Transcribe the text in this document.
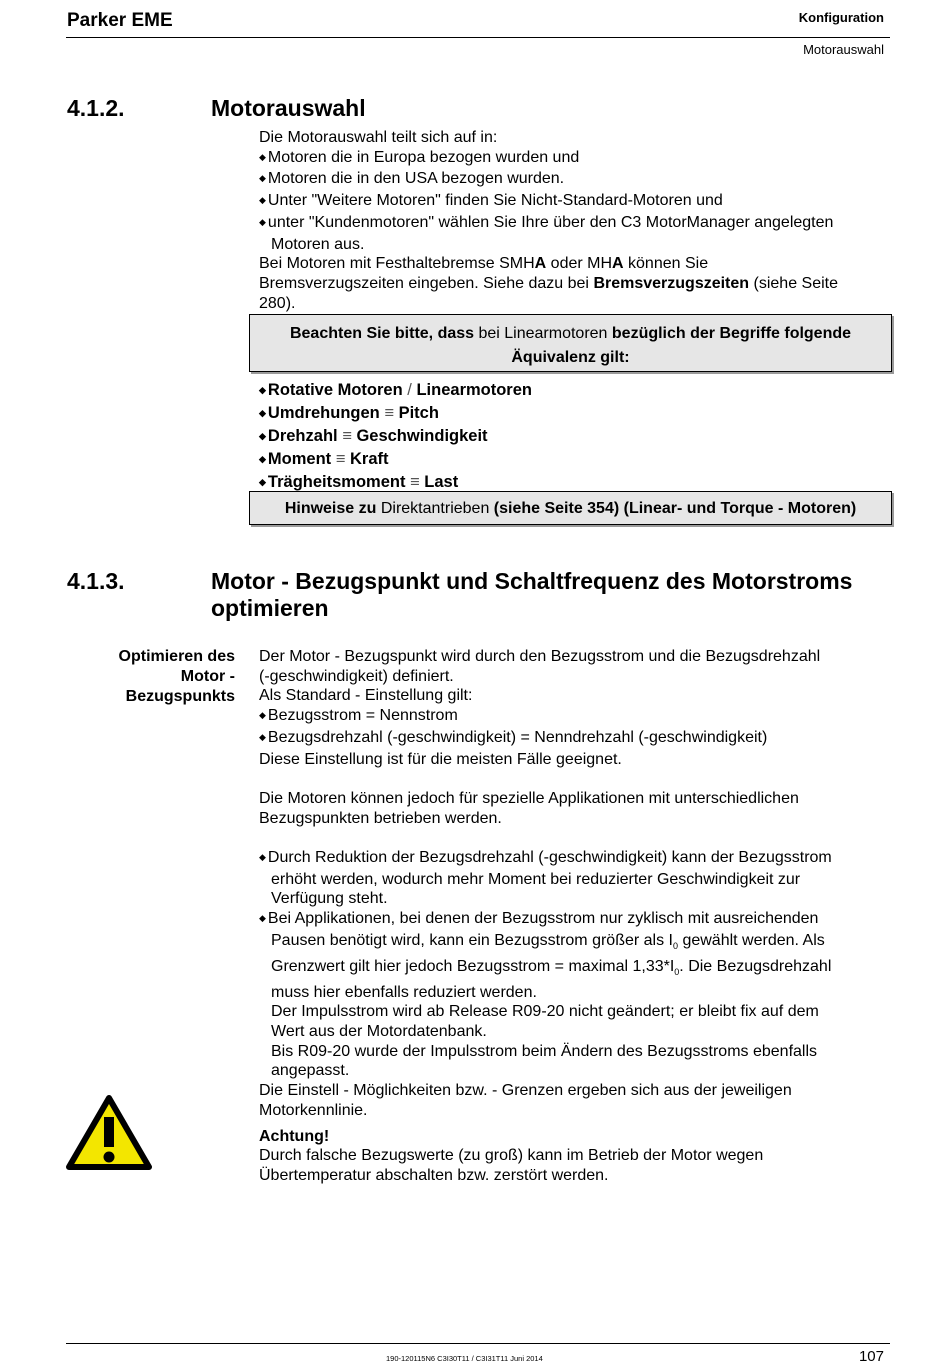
Parker EME	Konfiguration
Motorauswahl
4.1.2.	Motorauswahl
Die Motorauswahl teilt sich auf in:
◆ Motoren die in Europa bezogen wurden und
◆ Motoren die in den USA bezogen wurden.
◆ Unter "Weitere Motoren" finden Sie Nicht-Standard-Motoren und
◆ unter "Kundenmotoren" wählen Sie Ihre über den C3 MotorManager angelegten
Motoren aus.
Bei Motoren mit Festhaltebremse SMHA oder MHA können Sie
Bremsverzugszeiten eingeben. Siehe dazu bei Bremsverzugszeiten (siehe Seite
280).
Beachten Sie bitte, dass bei Linearmotoren bezüglich der Begriffe folgende
Äquivalenz gilt:
◆ Rotative Motoren / Linearmotoren
◆ Umdrehungen ≡ Pitch
◆ Drehzahl ≡ Geschwindigkeit
◆ Moment ≡ Kraft
◆ Trägheitsmoment ≡ Last
Hinweise zu Direktantrieben (siehe Seite 354) (Linear- und Torque - Motoren)
4.1.3.	Motor - Bezugspunkt und Schaltfrequenz des Motorstroms
optimieren
Optimieren des
Motor -
Bezugspunkts
Der Motor - Bezugspunkt wird durch den Bezugsstrom und die Bezugsdrehzahl
(-geschwindigkeit) definiert.
Als Standard - Einstellung gilt:
◆ Bezugsstrom = Nennstrom
◆ Bezugsdrehzahl (-geschwindigkeit) = Nenndrehzahl (-geschwindigkeit)
Diese Einstellung ist für die meisten Fälle geeignet.
Die Motoren können jedoch für spezielle Applikationen mit unterschiedlichen
Bezugspunkten betrieben werden.
◆ Durch Reduktion der Bezugsdrehzahl (-geschwindigkeit) kann der Bezugsstrom
erhöht werden, wodurch mehr Moment bei reduzierter Geschwindigkeit zur
Verfügung steht.
◆ Bei Applikationen, bei denen der Bezugsstrom nur zyklisch mit ausreichenden
Pausen benötigt wird, kann ein Bezugsstrom größer als $I_0$ gewählt werden. Als
Grenzwert gilt hier jedoch Bezugsstrom = maximal $1,33*I_0$. Die Bezugsdrehzahl
muss hier ebenfalls reduziert werden.
Der Impulsstrom wird ab Release R09-20 nicht geändert; er bleibt fix auf dem
Wert aus der Motordatenbank.
Bis R09-20 wurde der Impulsstrom beim Ändern des Bezugsstroms ebenfalls
angepasst.
Die Einstell - Möglichkeiten bzw. - Grenzen ergeben sich aus der jeweiligen
Motorkennlinie.
Achtung!
Durch falsche Bezugswerte (zu groß) kann im Betrieb der Motor wegen
Übertemperatur abschalten bzw. zerstört werden.
190-120115N6 C3I30T11 / C3I31T11 Juni 2014	107
